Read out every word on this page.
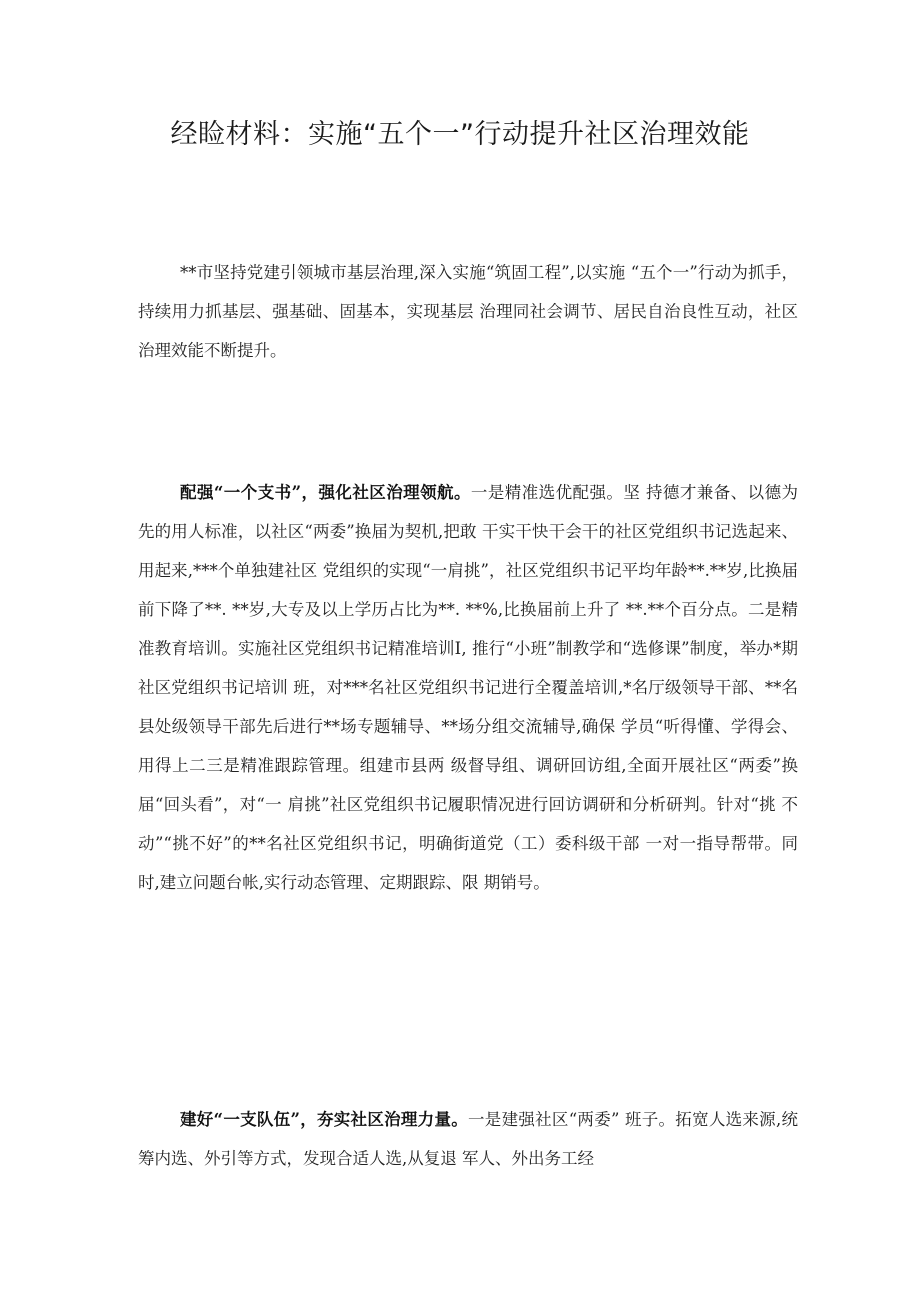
经睑材料：实施“五个一”行动提升社区治理效能

**市坚持党建引领城市基层治理,深入实施“筑固工程”,以实施 “五个一”行动为抓手，持续用力抓基层、强基础、固基本，实现基层 治理同社会调节、居民自治良性互动，社区治理效能不断提升。

配强“一个支书”，强化社区治理领航。一是精准选优配强。坚 持德才兼备、以德为先的用人标准，以社区“两委”换届为契机,把敢 干实干快干会干的社区党组织书记选起来、用起来,***个单独建社区 党组织的实现“一肩挑”，社区党组织书记平均年龄**.**岁,比换届 前下降了**. **岁,大专及以上学历占比为**. **%,比换届前上升了 **.**个百分点。二是精准教育培训。实施社区党组织书记精准培训Ⅰ, 推行“小班”制教学和“选修课”制度，举办*期社区党组织书记培训 班，对***名社区党组织书记进行全覆盖培训,*名厅级领导干部、**名县处级领导干部先后进行**场专题辅导、**场分组交流辅导,确保 学员“听得懂、学得会、用得上二三是精准跟踪管理。组建市县两 级督导组、调研回访组,全面开展社区“两委”换届“回头看”，对“一 肩挑”社区党组织书记履职情况进行回访调研和分析研判。针对“挑 不动”“挑不好”的**名社区党组织书记，明确街道党（工）委科级干部 一对一指导帮带。同时,建立问题台帐,实行动态管理、定期跟踪、限 期销号。

建好“一支队伍”，夯实社区治理力量。一是建强社区“两委” 班子。拓宽人选来源,统筹内选、外引等方式，发现合适人选,从复退 军人、外出务工经
